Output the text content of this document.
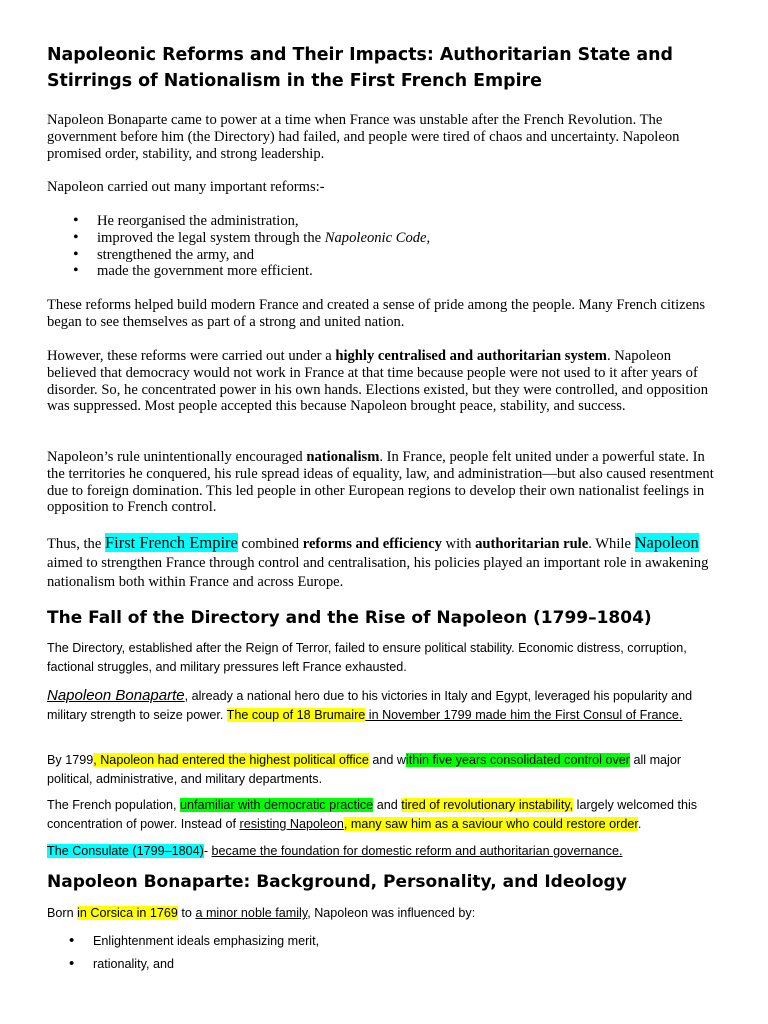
Napoleonic Reforms and Their Impacts: Authoritarian State and Stirrings of Nationalism in the First French Empire

Napoleon Bonaparte came to power at a time when France was unstable after the French Revolution. The government before him (the Directory) had failed, and people were tired of chaos and uncertainty. Napoleon promised order, stability, and strong leadership.

Napoleon carried out many important reforms:-

• He reorganised the administration,
• improved the legal system through the Napoleonic Code,
• strengthened the army, and
• made the government more efficient.

These reforms helped build modern France and created a sense of pride among the people. Many French citizens began to see themselves as part of a strong and united nation.

However, these reforms were carried out under a highly centralised and authoritarian system. Napoleon believed that democracy would not work in France at that time because people were not used to it after years of disorder. So, he concentrated power in his own hands. Elections existed, but they were controlled, and opposition was suppressed. Most people accepted this because Napoleon brought peace, stability, and success.

Napoleon’s rule unintentionally encouraged nationalism. In France, people felt united under a powerful state. In the territories he conquered, his rule spread ideas of equality, law, and administration—but also caused resentment due to foreign domination. This led people in other European regions to develop their own nationalist feelings in opposition to French control.

Thus, the First French Empire combined reforms and efficiency with authoritarian rule. While Napoleon aimed to strengthen France through control and centralisation, his policies played an important role in awakening nationalism both within France and across Europe.

The Fall of the Directory and the Rise of Napoleon (1799–1804)

The Directory, established after the Reign of Terror, failed to ensure political stability. Economic distress, corruption, factional struggles, and military pressures left France exhausted.

Napoleon Bonaparte, already a national hero due to his victories in Italy and Egypt, leveraged his popularity and military strength to seize power. The coup of 18 Brumaire in November 1799 made him the First Consul of France.

By 1799, Napoleon had entered the highest political office and within five years consolidated control over all major political, administrative, and military departments.

The French population, unfamiliar with democratic practice and tired of revolutionary instability, largely welcomed this concentration of power. Instead of resisting Napoleon, many saw him as a saviour who could restore order.

The Consulate (1799–1804)- became the foundation for domestic reform and authoritarian governance.

Napoleon Bonaparte: Background, Personality, and Ideology

Born in Corsica in 1769 to a minor noble family, Napoleon was influenced by:

• Enlightenment ideals emphasizing merit,
• rationality, and
